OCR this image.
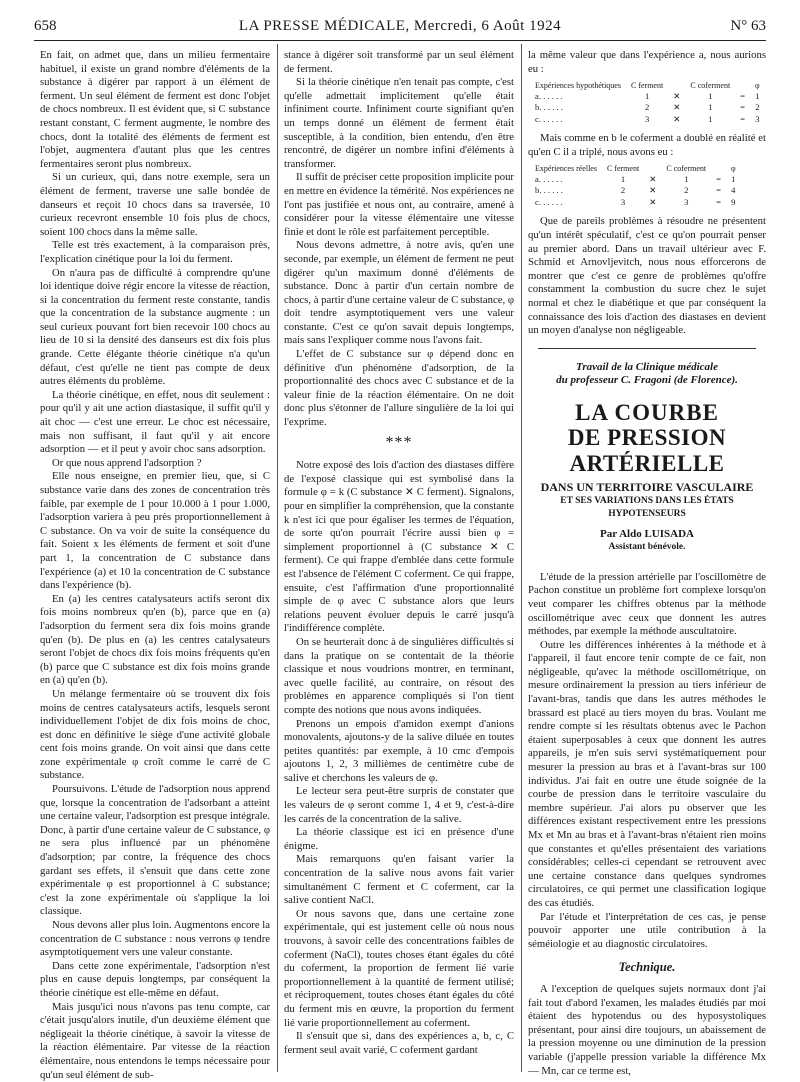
658	LA PRESSE MÉDICALE, Mercredi, 6 Août 1924	N° 63

En fait, on admet que, dans un milieu fermentaire habituel, il existe un grand nombre d'éléments de la substance à digérer par rapport à un élément de ferment. Un seul élément de ferment est donc l'objet de chocs nombreux. Il est évident que, si C substance restant constant, C ferment augmente, le nombre des chocs, dont la totalité des éléments de ferment est l'objet, augmentera d'autant plus que les centres fermentaires seront plus nombreux.

Si un curieux, qui, dans notre exemple, sera un élément de ferment, traverse une salle bondée de danseurs et reçoit 10 chocs dans sa traversée, 10 curieux recevront ensemble 10 fois plus de chocs, soient 100 chocs dans la même salle.

Telle est très exactement, à la comparaison près, l'explication cinétique pour la loi du ferment.

On n'aura pas de difficulté à comprendre qu'une loi identique doive régir encore la vitesse de réaction, si la concentration du ferment reste constante, tandis que la concentration de la substance augmente : un seul curieux pouvant fort bien recevoir 100 chocs au lieu de 10 si la densité des danseurs est dix fois plus grande. Cette élégante théorie cinétique n'a qu'un défaut, c'est qu'elle ne tient pas compte de deux autres éléments du problème.

La théorie cinétique, en effet, nous dit seulement : pour qu'il y ait une action diastasique, il suffit qu'il y ait choc — c'est une erreur. Le choc est nécessaire, mais non suffisant, il faut qu'il y ait encore adsorption — et il peut y avoir choc sans adsorption.

Or que nous apprend l'adsorption ?

Elle nous enseigne, en premier lieu, que, si C substance varie dans des zones de concentration très faible, par exemple de 1 pour 10.000 à 1 pour 1.000, l'adsorption variera à peu près proportionnellement à C substance. On va voir de suite la conséquence du fait. Soient x les éléments de ferment et soit d'une part 1, la concentration de C substance dans l'expérience (a) et 10 la concentration de C substance dans l'expérience (b).

En (a) les centres catalysateurs actifs seront dix fois moins nombreux qu'en (b), parce que en (a) l'adsorption du ferment sera dix fois moins grande qu'en (b). De plus en (a) les centres catalysateurs seront l'objet de chocs dix fois moins fréquents qu'en (b) parce que C substance est dix fois moins grande en (a) qu'en (b).

Un mélange fermentaire où se trouvent dix fois moins de centres catalysateurs actifs, lesquels seront individuellement l'objet de dix fois moins de choc, est donc en définitive le siège d'une activité globale cent fois moins grande. On voit ainsi que dans cette zone expérimentale φ croît comme le carré de C substance.

Poursuivons. L'étude de l'adsorption nous apprend que, lorsque la concentration de l'adsorbant a atteint une certaine valeur, l'adsorption est presque intégrale. Donc, à partir d'une certaine valeur de C substance, φ ne sera plus influencé par un phénomène d'adsorption; par contre, la fréquence des chocs gardant ses effets, il s'ensuit que dans cette zone expérimentale φ est proportionnel à C substance; c'est la zone expérimentale où s'applique la loi classique.

Nous devons aller plus loin. Augmentons encore la concentration de C substance : nous verrons φ tendre asymptotiquement vers une valeur constante.

Dans cette zone expérimentale, l'adsorption n'est plus en cause depuis longtemps, par conséquent la théorie cinétique est elle-même en défaut.

Mais jusqu'ici nous n'avons pas tenu compte, car c'était jusqu'alors inutile, d'un deuxième élément que négligeait la théorie cinétique, à savoir la vitesse de la réaction élémentaire. Par vitesse de la réaction élémentaire, nous entendons le temps nécessaire pour qu'un seul élément de sub-

stance à digérer soit transformé par un seul élément de ferment.

Si la théorie cinétique n'en tenait pas compte, c'est qu'elle admettait implicitement qu'elle était infiniment courte. Infiniment courte signifiant qu'en un temps donné un élément de ferment était susceptible, à la condition, bien entendu, d'en être rencontré, de digérer un nombre infini d'éléments à transformer.

Il suffit de préciser cette proposition implicite pour en mettre en évidence la témérité. Nos expériences ne l'ont pas justifiée et nous ont, au contraire, amené à considérer pour la vitesse élémentaire une vitesse finie et dont le rôle est parfaitement perceptible.

Nous devons admettre, à notre avis, qu'en une seconde, par exemple, un élément de ferment ne peut digérer qu'un maximum donné d'éléments de substance. Donc à partir d'un certain nombre de chocs, à partir d'une certaine valeur de C substance, φ doit tendre asymptotiquement vers une valeur constante. C'est ce qu'on savait depuis longtemps, mais sans l'expliquer comme nous l'avons fait.

L'effet de C substance sur φ dépend donc en définitive d'un phénomène d'adsorption, de la proportionnalité des chocs avec C substance et de la valeur finie de la réaction élémentaire. On ne doit donc plus s'étonner de l'allure singulière de la loi qui l'exprime.

***

Notre exposé des lois d'action des diastases diffère de l'exposé classique qui est symbolisé dans la formule φ = k (C substance ✕ C ferment). Signalons, pour en simplifier la compréhension, que la constante k n'est ici que pour égaliser les termes de l'équation, de sorte qu'on pourrait l'écrire aussi bien φ = simplement proportionnel à (C substance ✕ C ferment). Ce qui frappe d'emblée dans cette formule est l'absence de l'élément C coferment. Ce qui frappe, ensuite, c'est l'affirmation d'une proportionnalité simple de φ avec C substance alors que leurs relations peuvent évoluer depuis le carré jusqu'à l'indifférence complète.

On se heurterait donc à de singulières difficultés si dans la pratique on se contentait de la théorie classique et nous voudrions montrer, en terminant, avec quelle facilité, au contraire, on résout des problèmes en apparence compliqués si l'on tient compte des notions que nous avons indiquées.

Prenons un empois d'amidon exempt d'anions monovalents, ajoutons-y de la salive diluée en toutes petites quantités: par exemple, à 10 cmc d'empois ajoutons 1, 2, 3 millièmes de centimètre cube de salive et cherchons les valeurs de φ.

Le lecteur sera peut-être surpris de constater que les valeurs de φ seront comme 1, 4 et 9, c'est-à-dire les carrés de la concentration de la salive.

La théorie classique est ici en présence d'une énigme.

Mais remarquons qu'en faisant varier la concentration de la salive nous avons fait varier simultanément C ferment et C coferment, car la salive contient NaCl.

Or nous savons que, dans une certaine zone expérimentale, qui est justement celle où nous nous trouvons, à savoir celle des concentrations faibles de coferment (NaCl), toutes choses étant égales du côté du coferment, la proportion de ferment lié varie proportionnellement à la quantité de ferment utilisé; et réciproquement, toutes choses étant égales du côté du ferment mis en œuvre, la proportion du ferment lié varie proportionnellement au coferment.

Il s'ensuit que si, dans des expériences a, b, c, C ferment seul avait varié, C coferment gardant

la même valeur que dans l'expérience a, nous aurions eu :

Expériences hypothétiques	C ferment		C coferment		φ
a. . . . . .	1	✕	1	=	1
b. . . . . .	2	✕	1	=	2
c. . . . . .	3	✕	1	=	3

Mais comme en b le coferment a doublé en réalité et qu'en C il a triplé, nous avons eu :

Expériences réelles	C ferment		C coferment		φ
a. . . . . .	1	✕	1	=	1
b. . . . . .	2	✕	2	=	4
c. . . . . .	3	✕	3	=	9

Que de pareils problèmes à résoudre ne présentent qu'un intérêt spéculatif, c'est ce qu'on pourrait penser au premier abord. Dans un travail ultérieur avec F. Schmid et Arnovljevitch, nous nous efforcerons de montrer que c'est ce genre de problèmes qu'offre constamment la combustion du sucre chez le sujet normal et chez le diabétique et que par conséquent la connaissance des lois d'action des diastases en devient un moyen d'analyse non négligeable.

Travail de la Clinique médicale
du professeur C. Fragoni (de Florence).
LA COURBE
DE PRESSION ARTÉRIELLE
DANS UN TERRITOIRE VASCULAIRE
ET SES VARIATIONS DANS LES ÉTATS HYPOTENSEURS
Par Aldo LUISADA
Assistant bénévole.

L'étude de la pression artérielle par l'oscillomètre de Pachon constitue un problème fort complexe lorsqu'on veut comparer les chiffres obtenus par la méthode oscillométrique avec ceux que donnent les autres méthodes, par exemple la méthode auscultatoire.

Outre les différences inhérentes à la méthode et à l'appareil, il faut encore tenir compte de ce fait, non négligeable, qu'avec la méthode oscillométrique, on mesure ordinairement la pression au tiers inférieur de l'avant-bras, tandis que dans les autres méthodes le brassard est placé au tiers moyen du bras. Voulant me rendre compte si les résultats obtenus avec le Pachon étaient superposables à ceux que donnent les autres appareils, je m'en suis servi systématiquement pour mesurer la pression au bras et à l'avant-bras sur 100 individus. J'ai fait en outre une étude soignée de la courbe de pression dans le territoire vasculaire du membre supérieur. J'ai alors pu observer que les différences existant respectivement entre les pressions Mx et Mn au bras et à l'avant-bras n'étaient rien moins que constantes et qu'elles présentaient des variations considérables; celles-ci cependant se retrouvent avec une certaine constance dans quelques syndromes circulatoires, ce qui permet une classification logique des cas étudiés.

Par l'étude et l'interprétation de ces cas, je pense pouvoir apporter une utile contribution à la séméiologie et au diagnostic circulatoires.

Technique.

A l'exception de quelques sujets normaux dont j'ai fait tout d'abord l'examen, les malades étudiés par moi étaient des hypotendus ou des hyposystoliques présentant, pour ainsi dire toujours, un abaissement de la pression moyenne ou une diminution de la pression variable (j'appelle pression variable la différence Mx — Mn, car ce terme est,
